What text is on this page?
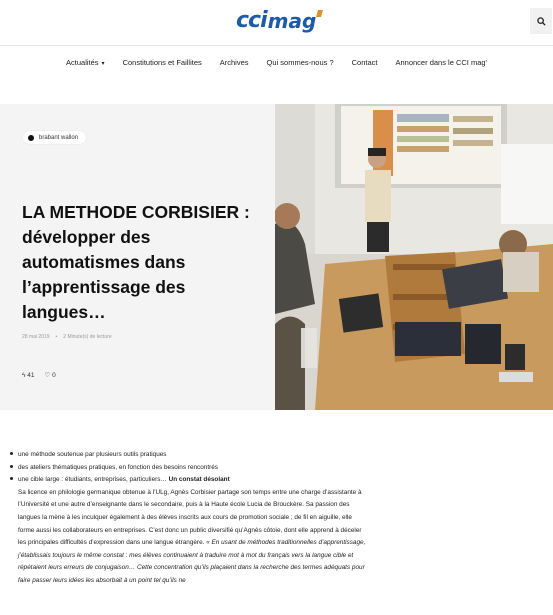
cci mag
Actualités ▾ Constitutions et Faillites Archives Qui sommes-nous ? Contact Annoncer dans le CCI mag'
brabant wallon
LA METHODE CORBISIER : développer des automatismes dans l’apprentissage des langues…
28 mai 2019 • 2 Minute(s) de lecture
ϟ 41 ♡ 0
une méthode soutenue par plusieurs outils pratiques
des ateliers thématiques pratiques, en fonction des besoins rencontrés
une cible large : étudiants, entreprises, particuliers… Un constat désolant
Sa licence en philologie germanique obtenue à l’ULg, Agnès Corbisier partage son temps entre une charge d’assistante à l’Université et une autre d’enseignante dans le secondaire, puis à la Haute école Lucia de Brouckère. Sa passion des langues la mène à les inculquer également à des élèves inscrits aux cours de promotion sociale ; de fil en aiguille, elle forme aussi les collaborateurs en entreprises. C’est donc un public diversifié qu’Agnès côtoie, dont elle apprend à déceler les principales difficultés d’expression dans une langue étrangère. « En usant de méthodes traditionnelles d’apprentissage, j’établissais toujours le même constat : mes élèves continuaient à traduire mot à mot du français vers la langue cible et répétaient leurs erreurs de conjugaison… Cette concentration qu’ils plaçaient dans la recherche des termes adéquats pour faire passer leurs idées les absorbait à un point tel qu’ils ne
